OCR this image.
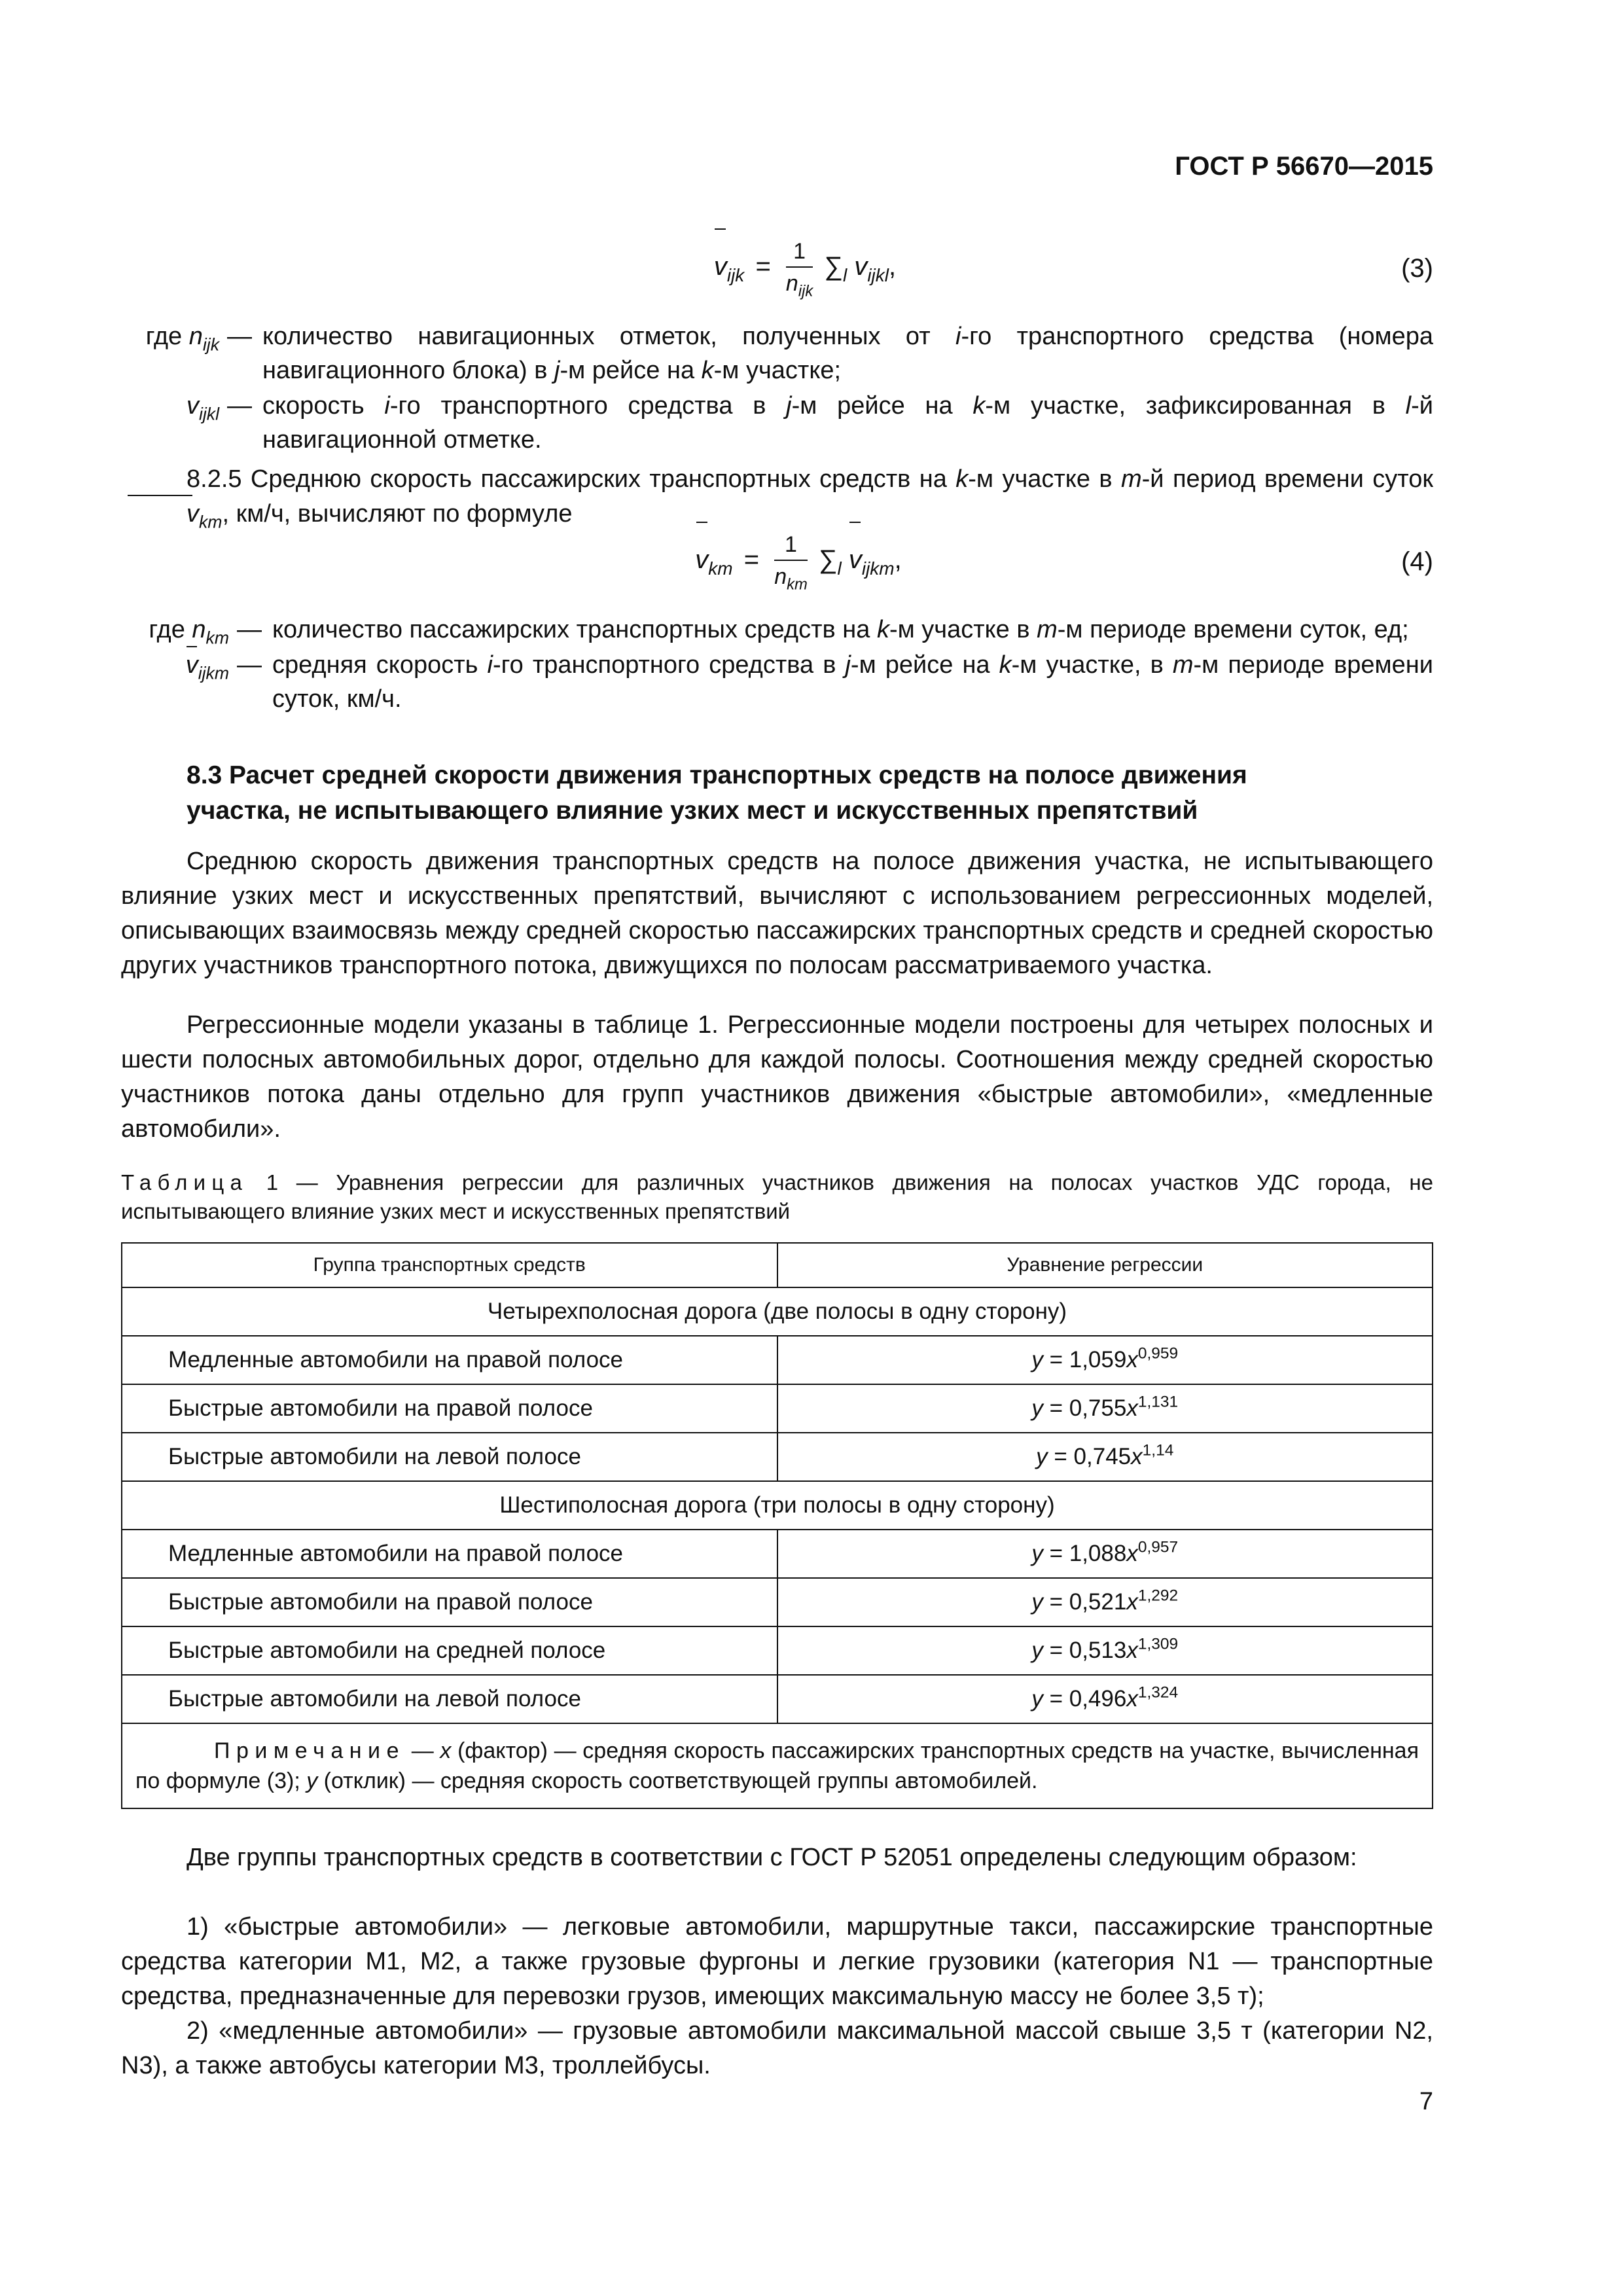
ГОСТ Р 56670—2015
$v_{ijk} = \frac{1}{n_{ijk}} \sum_l$ $v_{ijkl}$,	(3)
где $n_{ijk}$ — количество навигационных отметок, полученных от i-го транспортного средства (номера навигационного блока) в j-м рейсе на k-м участке;
$v_{ijkl}$ — скорость i-го транспортного средства в j-м рейсе на k-м участке, зафиксированная в l-й навигационной отметке.
8.2.5 Среднюю скорость пассажирских транспортных средств на k-м участке в m-й период времени суток $v_{km}$, км/ч, вычисляют по формуле
$v_{km} = \frac{1}{n_{km}} \sum_l$ $v_{ijkm}$,	(4)
где $n_{km}$ — количество пассажирских транспортных средств на k-м участке в m-м периоде времени суток, ед;
$v_{ijkm}$ — средняя скорость i-го транспортного средства в j-м рейсе на k-м участке, в m-м периоде времени суток, км/ч.
8.3 Расчет средней скорости движения транспортных средств на полосе движения участка, не испытывающего влияние узких мест и искусственных препятствий
Среднюю скорость движения транспортных средств на полосе движения участка, не испытывающего влияние узких мест и искусственных препятствий, вычисляют с использованием регрессионных моделей, описывающих взаимосвязь между средней скоростью пассажирских транспортных средств и средней скоростью других участников транспортного потока, движущихся по полосам рассматриваемого участка.
Регрессионные модели указаны в таблице 1. Регрессионные модели построены для четырех полосных и шести полосных автомобильных дорог, отдельно для каждой полосы. Соотношения между средней скоростью участников потока даны отдельно для групп участников движения «быстрые автомобили», «медленные автомобили».
Таблица 1 — Уравнения регрессии для различных участников движения на полосах участков УДС города, не испытывающего влияние узких мест и искусственных препятствий
Группа транспортных средств	Уравнение регрессии
Четырехполосная дорога (две полосы в одну сторону)	
Медленные автомобили на правой полосе	$y = 1,059x^{0,959}$
Быстрые автомобили на правой полосе	$y = 0,755x^{1,131}$
Быстрые автомобили на левой полосе	$y = 0,745x^{1,14}$
Шестиполосная дорога (три полосы в одну сторону)	
Медленные автомобили на правой полосе	$y = 1,088x^{0,957}$
Быстрые автомобили на правой полосе	$y = 0,521x^{1,292}$
Быстрые автомобили на средней полосе	$y = 0,513x^{1,309}$
Быстрые автомобили на левой полосе	$y = 0,496x^{1,324}$
Примечание — x (фактор) — средняя скорость пассажирских транспортных средств на участке, вычисленная по формуле (3); y (отклик) — средняя скорость соответствующей группы автомобилей.	
Две группы транспортных средств в соответствии с ГОСТ Р 52051 определены следующим образом:
1) «быстрые автомобили» — легковые автомобили, маршрутные такси, пассажирские транспортные средства категории М1, М2, а также грузовые фургоны и легкие грузовики (категория N1 — транспортные средства, предназначенные для перевозки грузов, имеющих максимальную массу не более 3,5 т);
2) «медленные автомобили» — грузовые автомобили максимальной массой свыше 3,5 т (категории N2, N3), а также автобусы категории М3, троллейбусы.
7
